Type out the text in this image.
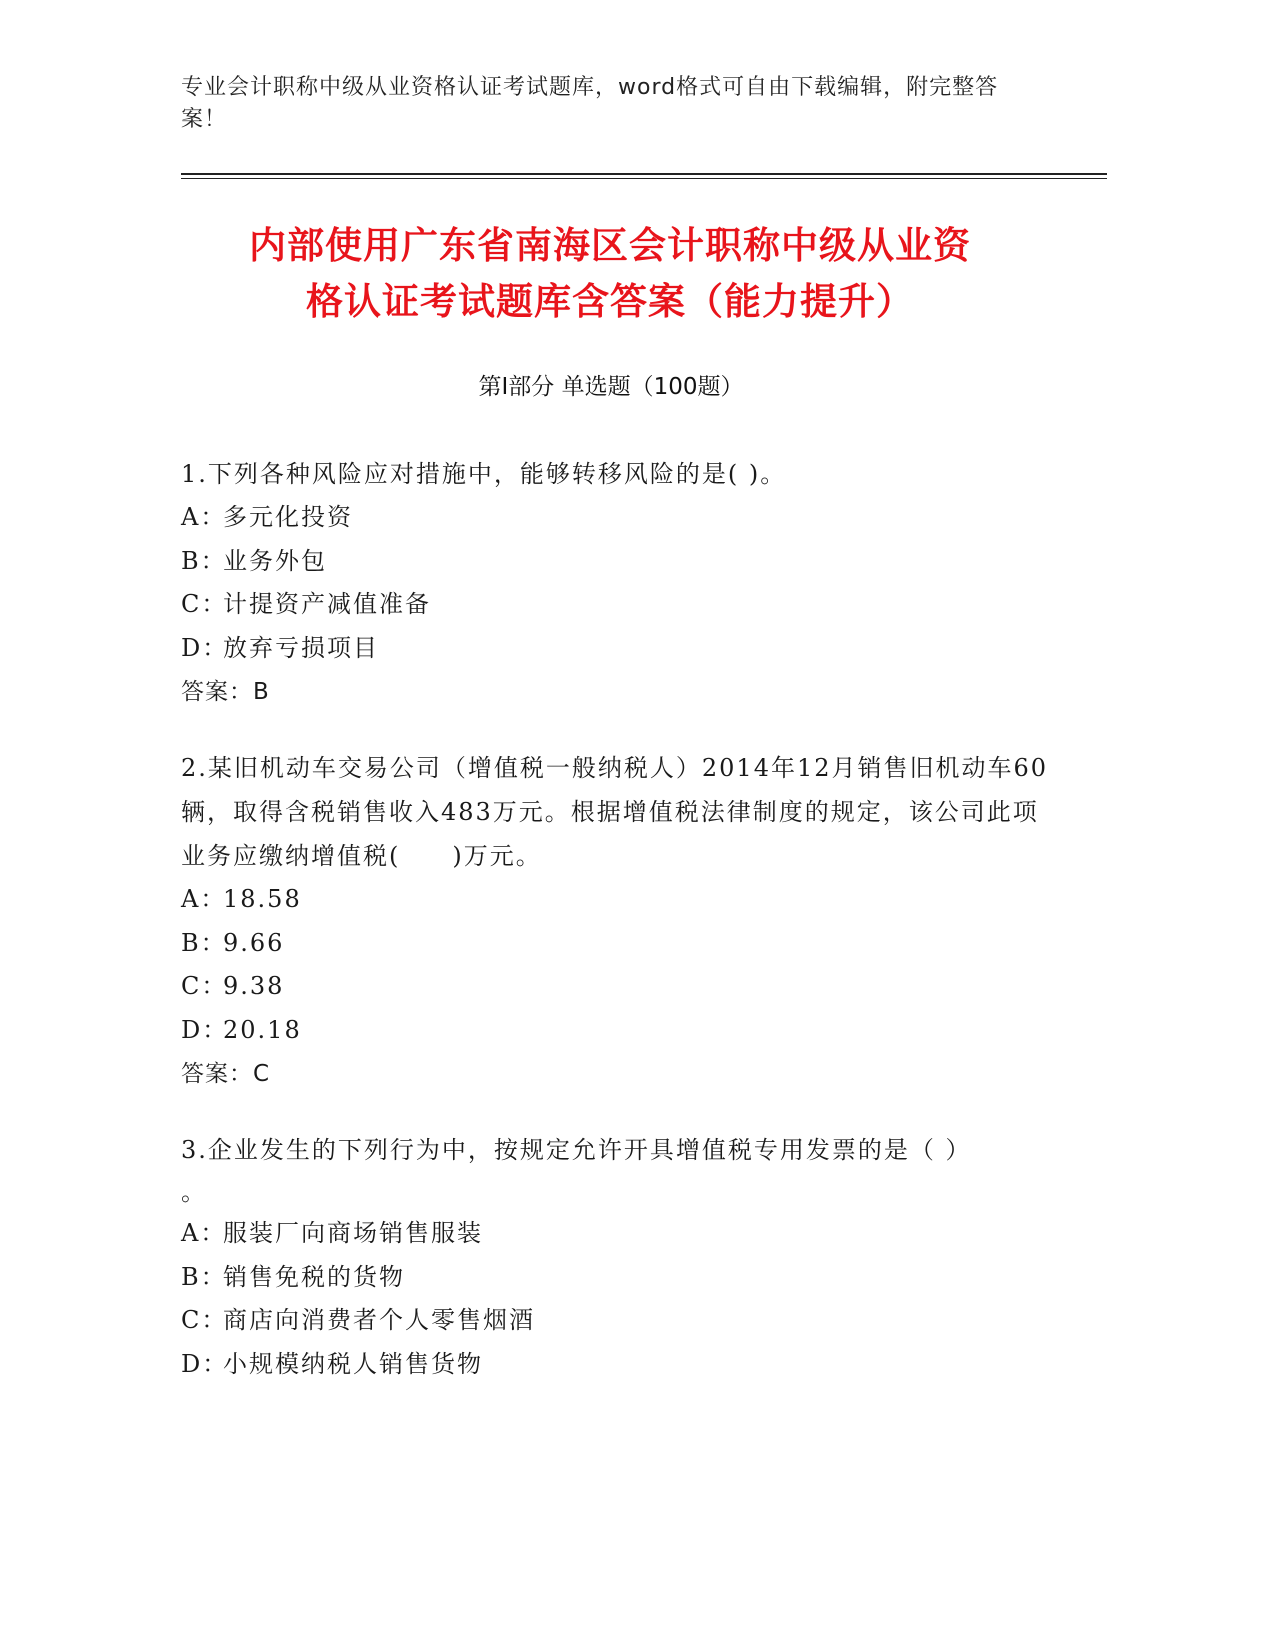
专业会计职称中级从业资格认证考试题库，word格式可自由下载编辑，附完整答案！
内部使用广东省南海区会计职称中级从业资
格认证考试题库含答案（能力提升）
第Ⅰ部分 单选题（100题）
1.下列各种风险应对措施中，能够转移风险的是( )。
A：多元化投资
B：业务外包
C：计提资产减值准备
D：放弃亏损项目
答案：B
2.某旧机动车交易公司（增值税一般纳税人）2014年12月销售旧机动车60辆，取得含税销售收入483万元。根据增值税法律制度的规定，该公司此项业务应缴纳增值税(　　)万元。
A：18.58
B：9.66
C：9.38
D：20.18
答案：C
3.企业发生的下列行为中，按规定允许开具增值税专用发票的是（ ）
。
A：服装厂向商场销售服装
B：销售免税的货物
C：商店向消费者个人零售烟酒
D：小规模纳税人销售货物
